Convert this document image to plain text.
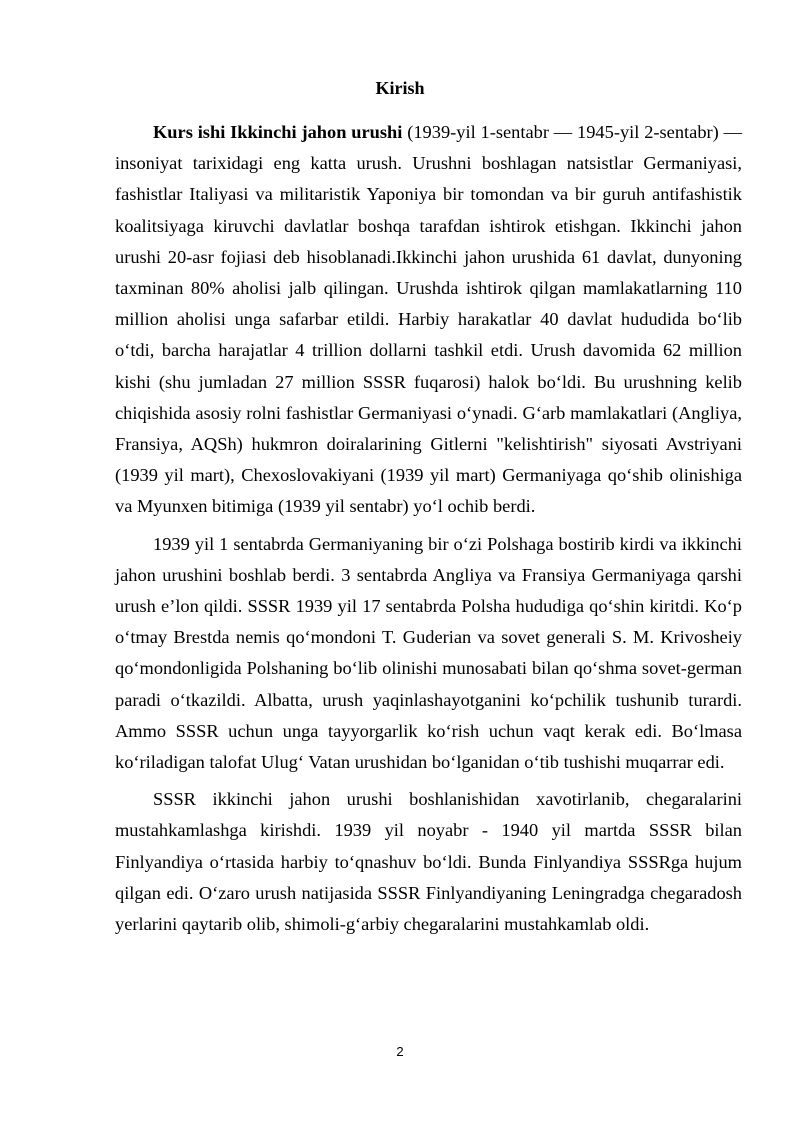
Kirish

Kurs ishi Ikkinchi jahon urushi (1939-yil 1-sentabr — 1945-yil 2-sentabr) — insoniyat tarixidagi eng katta urush. Urushni boshlagan natsistlar Germaniyasi, fashistlar Italiyasi va militaristik Yaponiya bir tomondan va bir guruh antifashistik koalitsiyaga kiruvchi davlatlar boshqa tarafdan ishtirok etishgan. Ikkinchi jahon urushi 20-asr fojiasi deb hisoblanadi.Ikkinchi jahon urushida 61 davlat, dunyoning taxminan 80% aholisi jalb qilingan. Urushda ishtirok qilgan mamlakatlarning 110 million aholisi unga safarbar etildi. Harbiy harakatlar 40 davlat hududida boʻlib oʻtdi, barcha harajatlar 4 trillion dollarni tashkil etdi. Urush davomida 62 million kishi (shu jumladan 27 million SSSR fuqarosi) halok boʻldi. Bu urushning kelib chiqishida asosiy rolni fashistlar Germaniyasi oʻynadi. Gʻarb mamlakatlari (Angliya, Fransiya, AQSh) hukmron doiralarining Gitlerni "kelishtirish" siyosati Avstriyani (1939 yil mart), Chexoslovakiyani (1939 yil mart) Germaniyaga qoʻshib olinishiga va Myunxen bitimiga (1939 yil sentabr) yoʻl ochib berdi.

1939 yil 1 sentabrda Germaniyaning bir oʻzi Polshaga bostirib kirdi va ikkinchi jahon urushini boshlab berdi. 3 sentabrda Angliya va Fransiya Germaniyaga qarshi urush eʼlon qildi. SSSR 1939 yil 17 sentabrda Polsha hududiga qoʻshin kiritdi. Koʻp oʻtmay Brestda nemis qoʻmondoni T. Guderian va sovet generali S. M. Krivosheiy qoʻmondonligida Polshaning boʻlib olinishi munosabati bilan qoʻshma sovet-german paradi oʻtkazildi. Albatta, urush yaqinlashayotganini koʻpchilik tushunib turardi. Ammo SSSR uchun unga tayyorgarlik koʻrish uchun vaqt kerak edi. Boʻlmasa koʻriladigan talofat Ulugʻ Vatan urushidan boʻlganidan oʻtib tushishi muqarrar edi.

SSSR ikkinchi jahon urushi boshlanishidan xavotirlanib, chegaralarini mustahkamlashga kirishdi. 1939 yil noyabr - 1940 yil martda SSSR bilan Finlyandiya oʻrtasida harbiy toʻqnashuv boʻldi. Bunda Finlyandiya SSSRga hujum qilgan edi. Oʻzaro urush natijasida SSSR Finlyandiyaning Leningradga chegaradosh yerlarini qaytarib olib, shimoli-gʻarbiy chegaralarini mustahkamlab oldi.

2
